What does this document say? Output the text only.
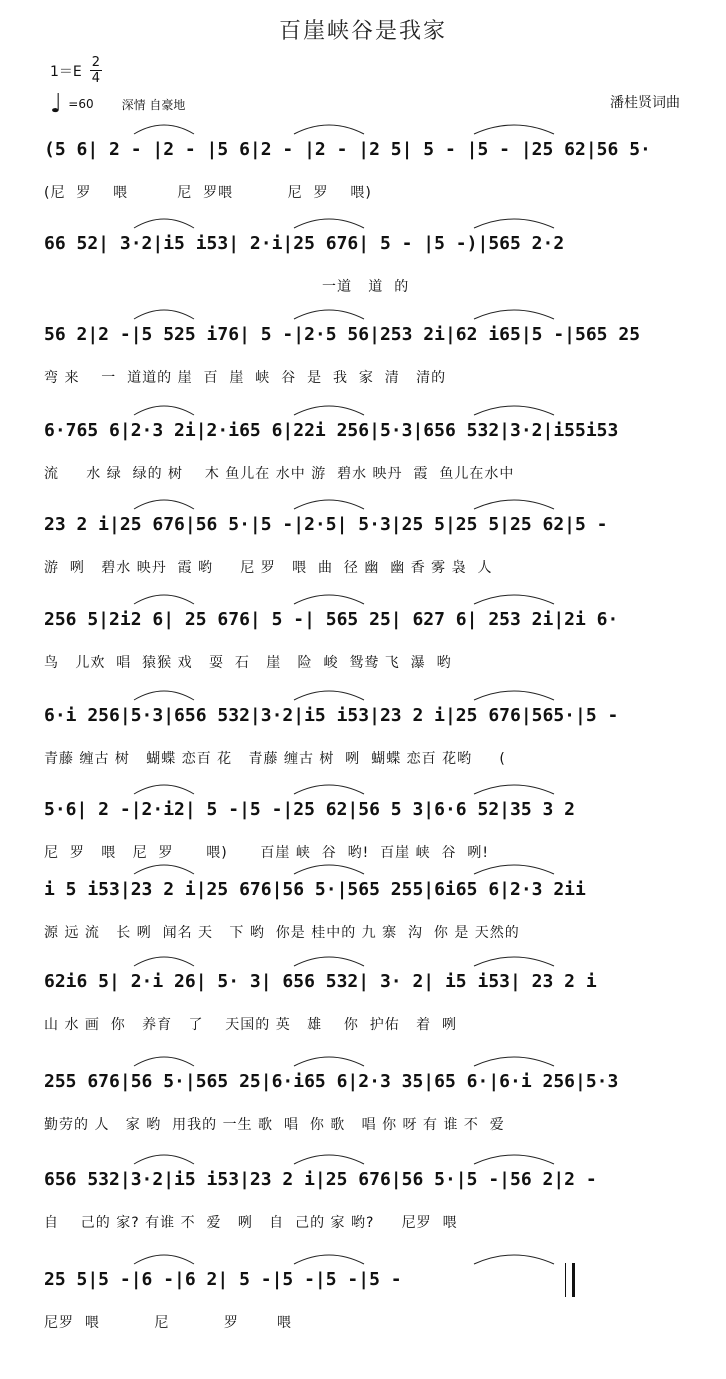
百崖峡谷是我家
$1=E \frac{2}{4}$
♩ =60 深情 自豪地	潘桂贤词曲
(5 6| 2 - |2 - |5 6|2 - |2 - |2 5| 5 - |5 - |25 62|56 5·
(尼  罗    喂         尼  罗喂          尼  罗    喂)
66 52| 3·2|i5 i53| 2·i|25 676| 5 - |5 -)|565 2·2
一道   道  的
56 2|2 -|5 525 i76| 5 -|2·5 56|253 2i|62 i65|5 -|565 25
弯 来    一  道道的 崖  百  崖  峡  谷  是  我  家  清   清的
6·765 6|2·3 2i|2·i65 6|22i 256|5·3|656 532|3·2|i55i53
流     水 绿  绿的 树    木 鱼儿在 水中 游  碧水 映丹  霞  鱼儿在水中
23 2 i|25 676|56 5·|5 -|2·5| 5·3|25 5|25 5|25 62|5 -
游  咧   碧水 映丹  霞 哟     尼 罗   喂  曲  径 幽  幽 香 雾 袅  人
256 5|2i2 6| 25 676| 5 -| 565 25| 627 6| 253 2i|2i 6·
鸟   儿欢  唱  猿猴 戏   耍  石   崖   险  峻  鸳鸯 飞  瀑  哟
6·i 256|5·3|656 532|3·2|i5 i53|23 2 i|25 676|565·|5 -
青藤 缠古 树   蝴蝶 恋百 花   青藤 缠古 树  咧  蝴蝶 恋百 花哟     (
5·6| 2 -|2·i2| 5 -|5 -|25 62|56 5 3|6·6 52|35 3 2
尼  罗   喂   尼  罗      喂)      百崖 峡  谷  哟!  百崖 峡  谷  咧!
i 5 i53|23 2 i|25 676|56 5·|565 255|6i65 6|2·3 2ii
源 远 流   长 咧  闻名 天   下 哟  你是 桂中的 九 寨  沟  你 是 天然的
62i6 5| 2·i 26| 5· 3| 656 532| 3· 2| i5 i53| 23 2 i
山 水 画  你   养育   了    天国的 英   雄    你  护佑   着  咧
255 676|56 5·|565 25|6·i65 6|2·3 35|65 6·|6·i 256|5·3
勤劳的 人   家 哟  用我的 一生 歌  唱  你 歌   唱 你 呀 有 谁 不  爱
656 532|3·2|i5 i53|23 2 i|25 676|56 5·|5 -|56 2|2 -
自    己的 家? 有谁 不  爱   咧   自  己的 家 哟?     尼罗  喂
25 5|5 -|6 -|6 2| 5 -|5 -|5 -|5 -
尼罗  喂          尼          罗       喂
